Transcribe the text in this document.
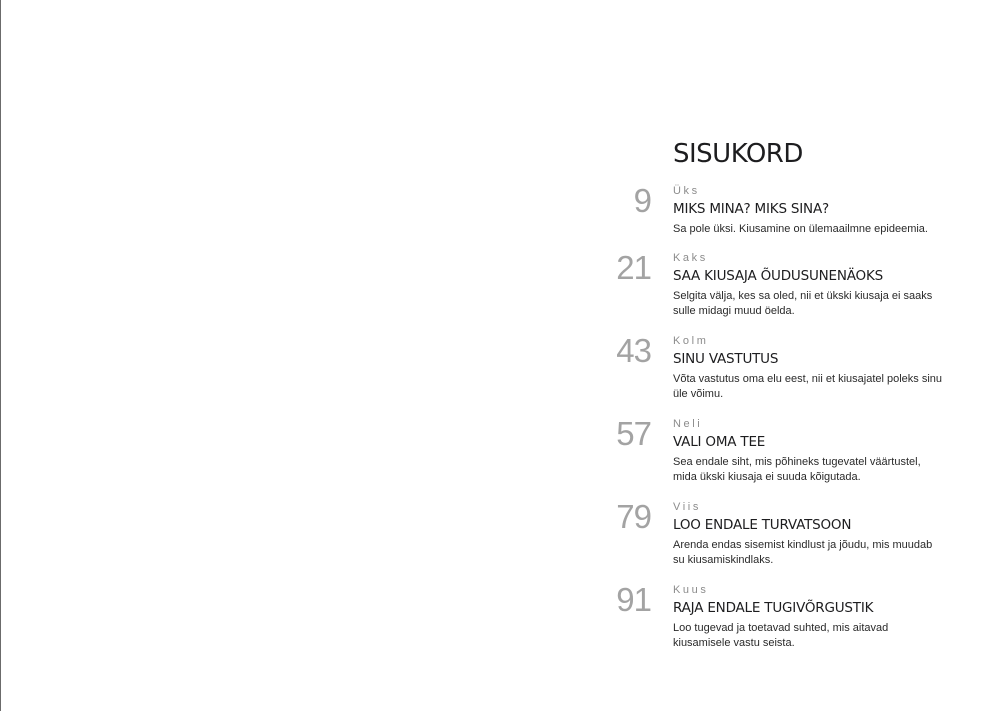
SISUKORD
9 Üks
MIKS MINA? MIKS SINA?

Sa pole üksi. Kiusamine on ülemaailmne epideemia.

21 Kaks
SAA KIUSAJA ÕUDUSUNENÄOKS

Selgita välja, kes sa oled, nii et ükski kiusaja ei saaks sulle midagi muud öelda.

43 Kolm
SINU VASTUTUS

Võta vastutus oma elu eest, nii et kiusajatel poleks sinu üle võimu.

57 Neli
VALI OMA TEE

Sea endale siht, mis põhineks tugevatel väärtustel, mida ükski kiusaja ei suuda kõigutada.

79 Viis
LOO ENDALE TURVATSOON

Arenda endas sisemist kindlust ja jõudu, mis muudab su kiusamiskindlaks.

91 Kuus
RAJA ENDALE TUGIVÕRGUSTIK

Loo tugevad ja toetavad suhted, mis aitavad kiusamisele vastu seista.
